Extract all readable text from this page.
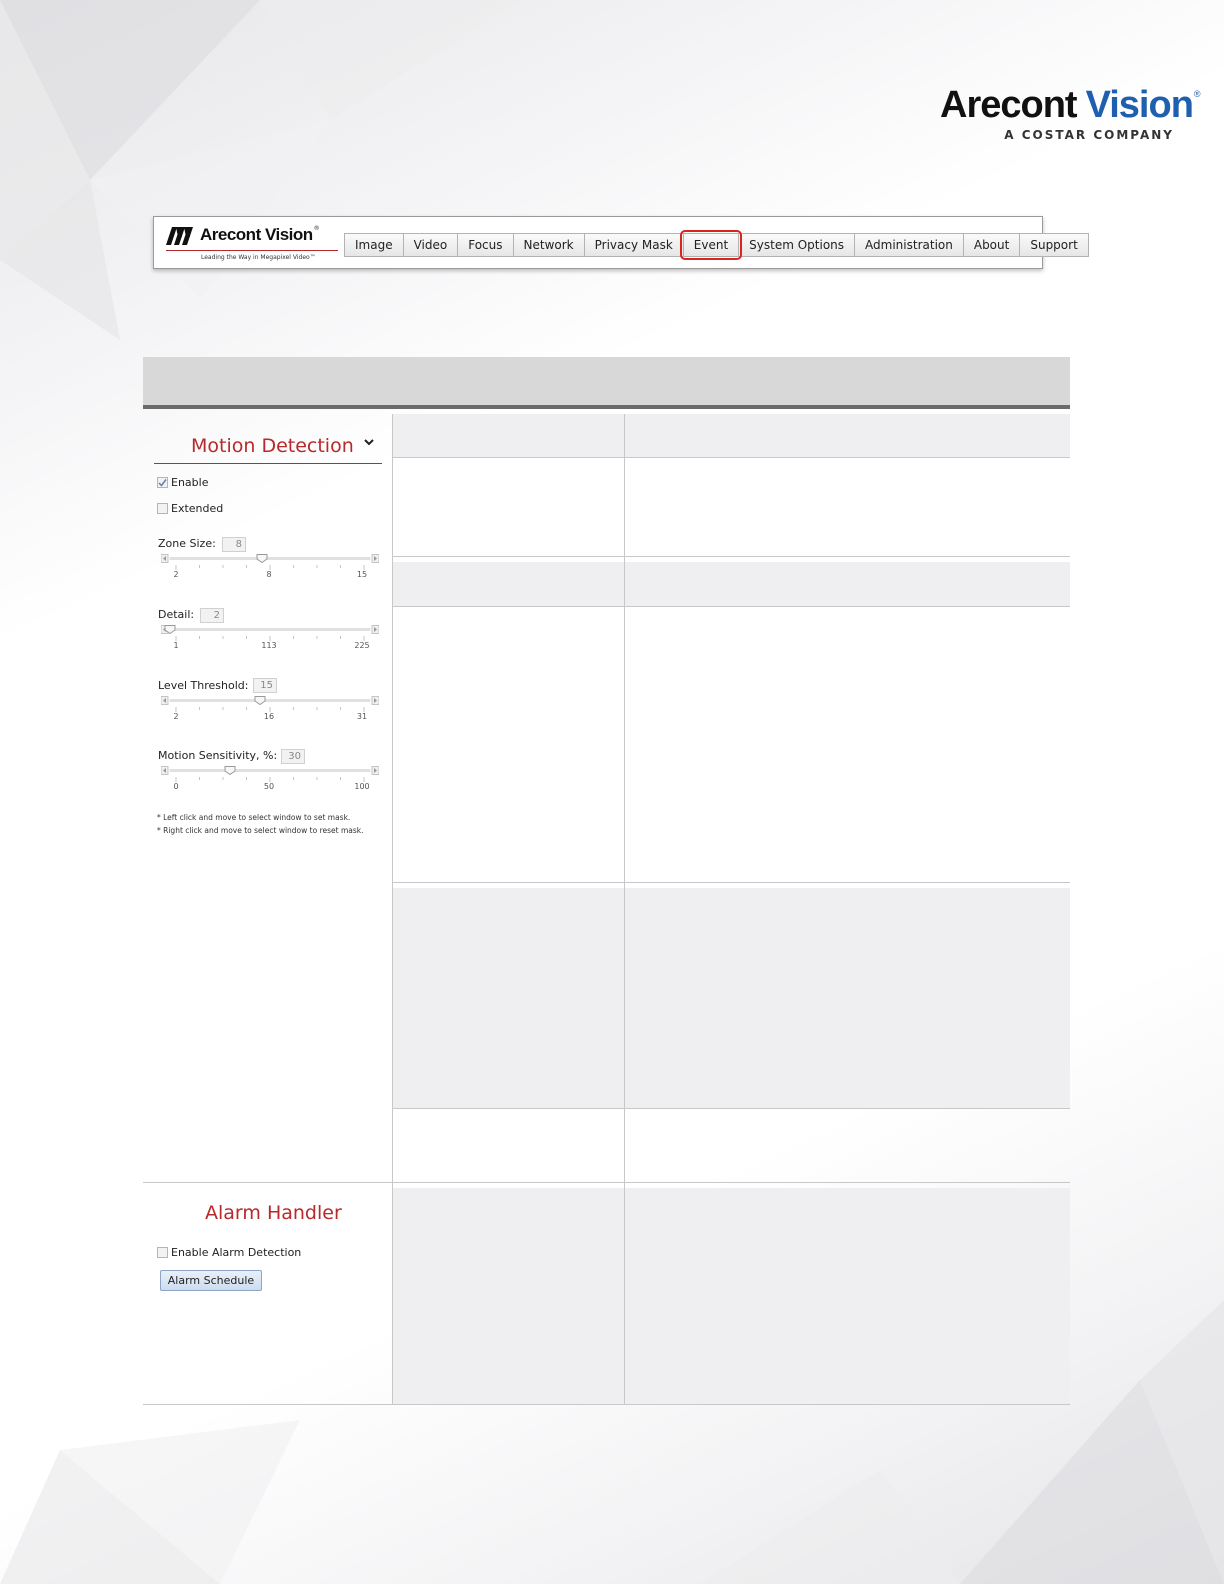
Arecont Vision ®
A COSTAR COMPANY
Arecont Vision ®
Leading the Way in Megapixel Video™
Image	Video	Focus	Network	Privacy Mask	Event	System Options	Administration	About	Support
Motion Detection
Enable
Extended
Zone Size:	8
2	8	15
Detail:	2
1	113	225
Level Threshold:	15
2	16	31
Motion Sensitivity, %:	30
0	50	100
* Left click and move to select window to set mask.
* Right click and move to select window to reset mask.
Alarm Handler
Enable Alarm Detection
Alarm Schedule
